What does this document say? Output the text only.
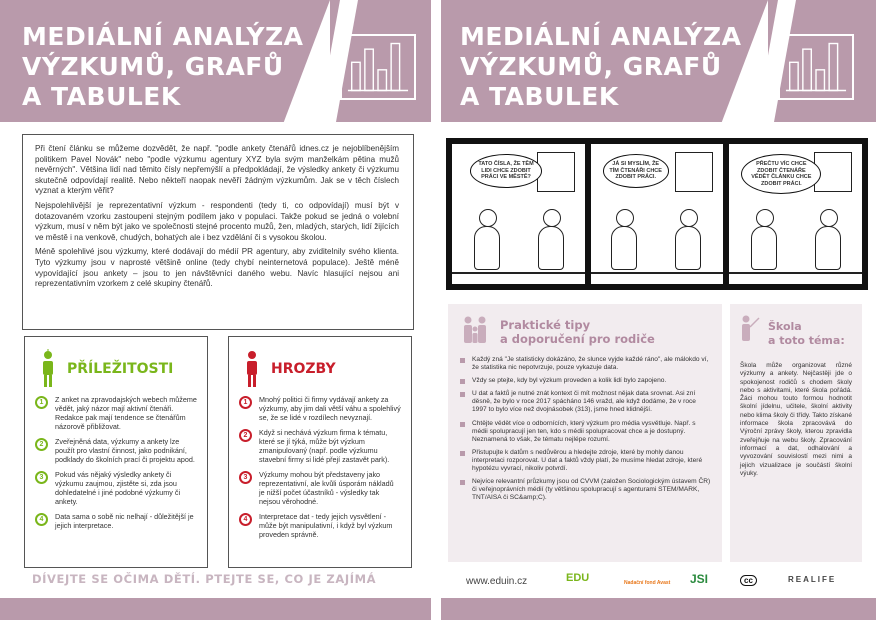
MEDIÁLNÍ ANALÝZA
VÝZKUMŮ, GRAFŮ
A TABULEK

Při čtení článku se můžeme dozvědět, že např. "podle ankety čtenářů idnes.cz je nejoblíbenějším politikem Pavel Novák" nebo "podle výzkumu agentury XYZ byla svým manželkám pětina mužů nevěrných". Většina lidí nad těmito čísly nepřemýšlí a předpokládají, že výsledky ankety či výzkumu skutečně odpovídají realitě. Nebo někteří naopak nevěří žádným výzkumům. Jak se v těch číslech vyznat a kterým věřit?

Nejspolehlivější je reprezentativní výzkum - respondenti (tedy ti, co odpovídají) musí být v dotazovaném vzorku zastoupeni stejným podílem jako v populaci. Takže pokud se jedná o volební výzkum, musí v něm být jako ve společnosti stejné procento mužů, žen, mladých, starých, lidí žijících ve městě i na venkově, chudých, bohatých ale i bez vzdělání či s vysokou školou.

Méně spolehlivé jsou výzkumy, které dodávají do médií PR agentury, aby zviditelnily svého klienta. Tyto výzkumy jsou v naprosté většině online (tedy chybí neinternetová populace). Ještě méně vypovídající jsou ankety – jsou to jen návštěvníci daného webu. Navíc hlasující nejsou ani reprezentativním vzorkem z celé skupiny čtenářů.

PŘÍLEŽITOSTI
1	Z anket na zpravodajských webech můžeme vědět, jaký názor mají aktivní čtenáři. Redakce pak mají tendence se čtenářům názorově přibližovat.
2	Zveřejněná data, výzkumy a ankety lze použít pro vlastní činnost, jako podnikání, podklady do školních prací či projektu apod.
3	Pokud vás nějaký výsledky ankety či výzkumu zaujmou, zjistěte si, zda jsou dohledatelné i jiné podobné výzkumy či ankety.
4	Data sama o sobě nic nelhají - důležitější je jejich interpretace.
HROZBY
1	Mnohý politici či firmy vydávají ankety za výzkumy, aby jim dali větší váhu a spolehlivý se, že se lidé v rozdílech nevyznají.
2	Když si nechává výzkum firma k tématu, které se jí týká, může být výzkum zmanipulovaný (např. podle výzkumu stavební firmy si lidé přejí zastavět park).
3	Výzkumy mohou být představeny jako reprezentativní, ale kvůli úsporám nákladů je nižší počet účastníků - výsledky tak nejsou věrohodné.
4	Interpretace dat - tedy jejich vysvětlení - může být manipulativní, i když byl výzkum proveden správně.
DÍVEJTE SE OČIMA DĚTÍ. PTEJTE SE, CO JE ZAJÍMÁ
MEDIÁLNÍ ANALÝZA
VÝZKUMŮ, GRAFŮ
A TABULEK
TATO ČÍSLA, ŽE TĚM LIDI CHCE ZDOBIT PRÁCI VE MĚSTĚ?
JÁ SI MYSLÍM, ŽE TÍM ČTENÁŘI CHCE ZDOBIT PRÁCI.
PŘEČTU VÍC CHCE ZDOBIT ČTENÁŘE VĚDĚT ČLÁNKU CHCE ZDOBIT PRÁCI.
Praktické tipy
a doporučení pro rodiče
Každý zná "Je statisticky dokázáno, že slunce vyjde každé ráno", ale málokdo ví, že statistika nic nepotvrzuje, pouze vykazuje data.
Vždy se ptejte, kdy byl výzkum proveden a kolik lidí bylo zapojeno.
U dat a faktů je nutné znát kontext či mít možnost nějak data srovnat. Asi zní děsně, že bylo v roce 2017 spácháno 146 vražd, ale když dodáme, že v roce 1997 to bylo více než dvojnásobek (313), jsme hned klidnější.
Chtějte vědět více o odbornících, který výzkum pro média vysvětluje. Např. s médii spolupracují jen ten, kdo s médii spolupracovat chce a je dostupný. Neznamená to však, že tématu nejlépe rozumí.
Přistupujte k datům s nedůvěrou a hledejte zdroje, které by mohly danou interpretaci rozporovat. U dat a faktů vždy platí, že musíme hledat zdroje, které hypotézu vyvrací, nikoliv potvrdí.
Nejvíce relevantní průzkumy jsou od CVVM (založen Sociologickým ústavem ČR) či veřejnoprávních médií (ty většinou spolupracují s agenturami STEM/MARK, TNT/AISA či SC&amp;C).
Škola
a toto téma:
Škola může organizovat různé výzkumy a ankety. Nejčastěji jde o spokojenost rodičů s chodem školy nebo s aktivitami, které škola pořádá. Žáci mohou touto formou hodnotit školní jídelnu, učitele, školní aktivity nebo klima školy či třídy. Takto získané informace škola zpracovává do Výroční zprávy školy, kterou zpravidla zveřejňuje na webu školy. Zpracování informací a dat, odhalování a vyvozování souvislostí mezi nimi a jejich vizualizace je součástí školní výuky.
www.eduin.cz	EDU	Nadační fond Avast JSI	cc	REALIFE
